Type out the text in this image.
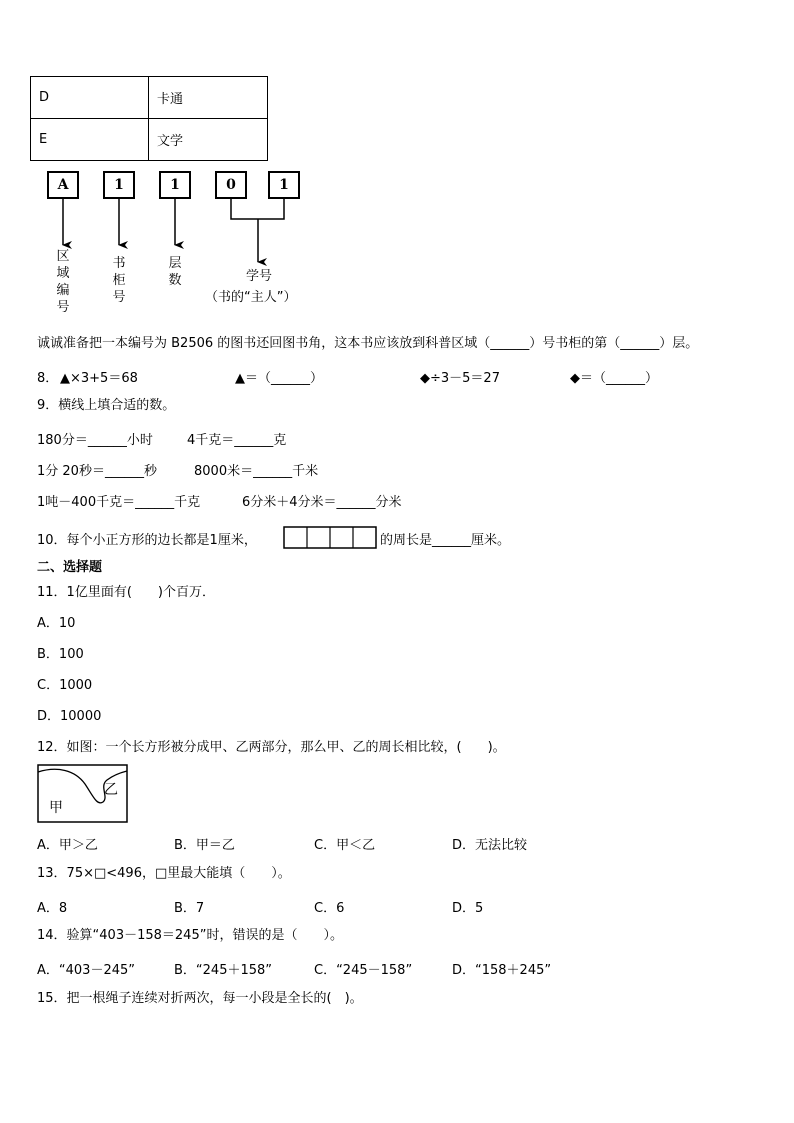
D	卡通
E	文学
A	1	1	0	1
区域编号
书柜号
层数	学号
（书的“主人”）
诚诚准备把一本编号为 B2506 的图书还回图书角，这本书应该放到科普区域（______）号书柜的第（______）层。
8． ▲×3+5＝68	▲＝（______）	◆÷3－5＝27	◆＝（______）
9．横线上填合适的数。
180分＝______小时	4千克＝______克
1分 20秒＝______秒	8000米＝______千米
1吨－400千克＝______千克	6分米＋4分米＝______分米
10．每个小正方形的边长都是1厘米，	的周长是______厘米。
二、选择题
11．1亿里面有(　　)个百万．
A．10
B．100
C．1000
D．10000
12．如图：一个长方形被分成甲、乙两部分，那么甲、乙的周长相比较，(　　)。
甲
乙
A．甲＞乙	B．甲＝乙	C．甲＜乙	D．无法比较
13．75×□<496，□里最大能填（　　）。
A．8	B．7	C．6	D．5
14．验算“403－158＝245”时，错误的是（　　）。
A．“403－245”	B．“245＋158”	C．“245－158”	D．“158＋245”
15．把一根绳子连续对折两次，每一小段是全长的(　)。
